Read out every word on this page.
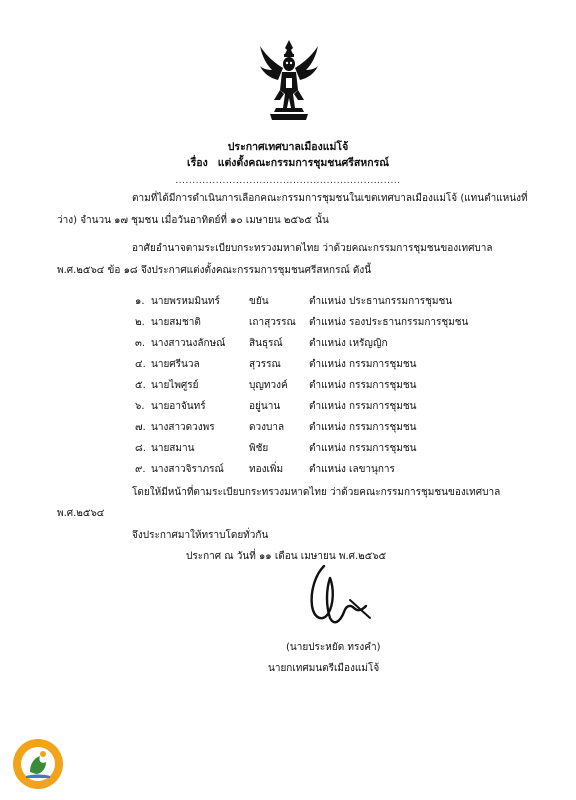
ประกาศเทศบาลเมืองแม่โจ้
เรื่อง แต่งตั้งคณะกรรมการชุมชนศรีสหกรณ์
...................................................................
ตามที่ได้มีการดำเนินการเลือกคณะกรรมการชุมชนในเขตเทศบาลเมืองแม่โจ้ (แทนตำแหน่งที่
ว่าง) จำนวน ๑๗ ชุมชน เมื่อวันอาทิตย์ที่ ๑๐ เมษายน ๒๕๖๕ นั้น
อาศัยอำนาจตามระเบียบกระทรวงมหาดไทย ว่าด้วยคณะกรรมการชุมชนของเทศบาล
พ.ศ.๒๕๖๔ ข้อ ๑๘ จึงประกาศแต่งตั้งคณะกรรมการชุมชนศรีสหกรณ์ ดังนี้
๑. นายพรหมมินทร์	ขยัน	ตำแหน่ง ประธานกรรมการชุมชน
๒. นายสมชาติ	เถาสุวรรณ ตำแหน่ง รองประธานกรรมการชุมชน
๓. นางสาวนงลักษณ์ สินธุรณ์	ตำแหน่ง เหรัญญิก
๔. นายศรีนวล	สุวรรณ	ตำแหน่ง กรรมการชุมชน
๕. นายไพศูรย์	บุญทวงค์ ตำแหน่ง กรรมการชุมชน
๖. นายอาจันทร์	อยู่นาน	ตำแหน่ง กรรมการชุมชน
๗. นางสาวดวงพร	ดวงบาล ตำแหน่ง กรรมการชุมชน
๘. นายสมาน	พิชัย	ตำแหน่ง กรรมการชุมชน
๙. นางสาวจิราภรณ์	ทองเพิ่ม	ตำแหน่ง เลขานุการ
โดยให้มีหน้าที่ตามระเบียบกระทรวงมหาดไทย ว่าด้วยคณะกรรมการชุมชนของเทศบาล
พ.ศ.๒๕๖๔
จึงประกาศมาให้ทราบโดยทั่วกัน
ประกาศ ณ วันที่ ๑๑ เดือน เมษายน พ.ศ.๒๕๖๕
(นายประหยัด ทรงคำ)
นายกเทศมนตรีเมืองแม่โจ้
